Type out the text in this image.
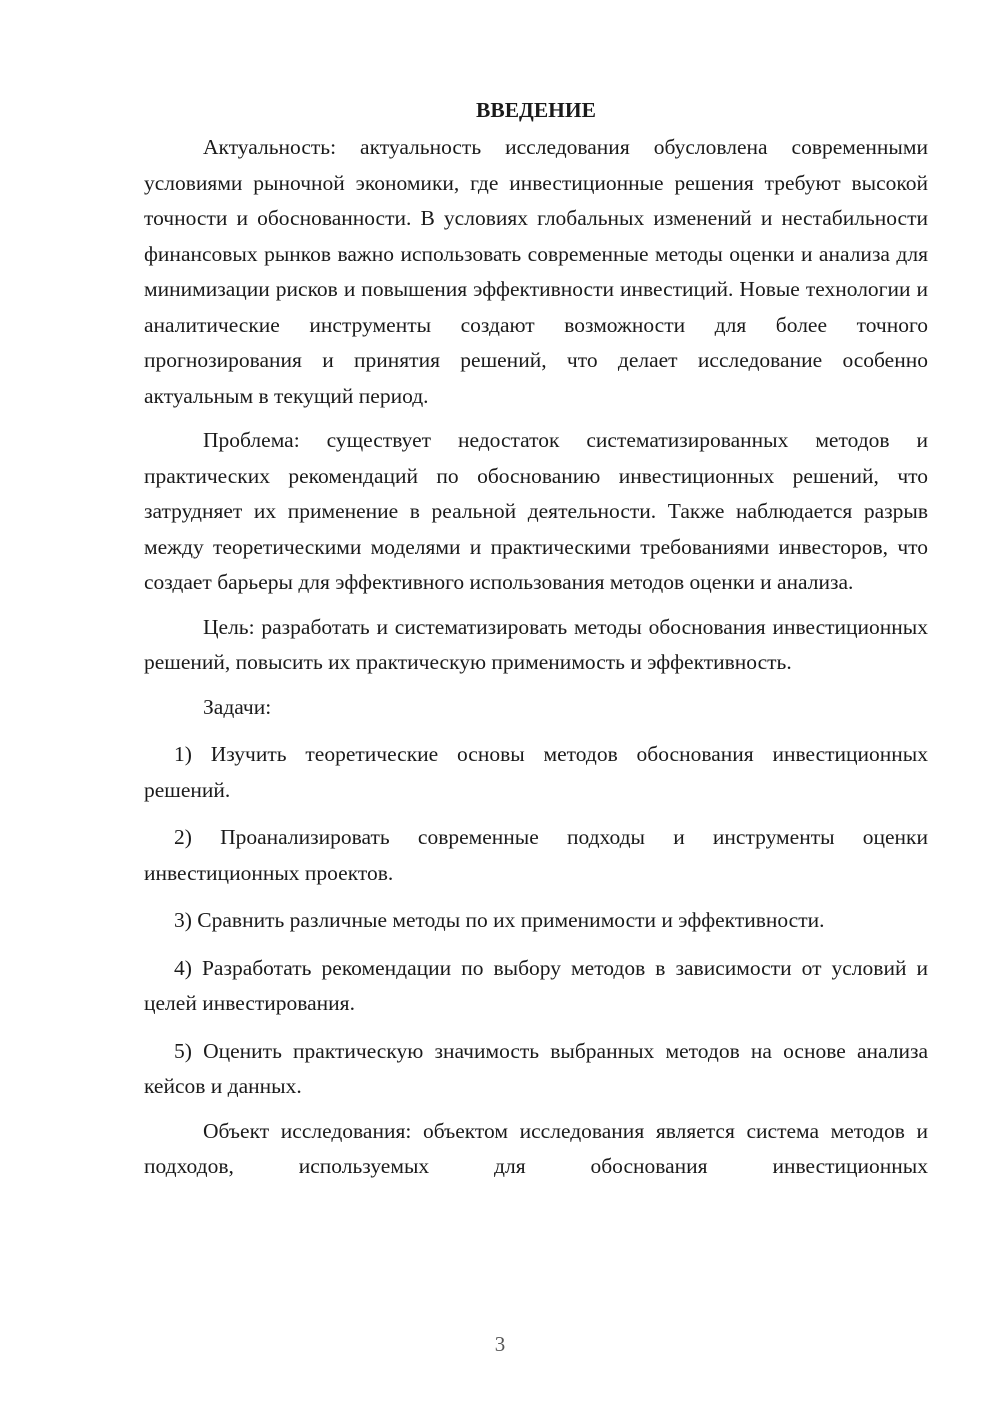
ВВЕДЕНИЕ

Актуальность: актуальность исследования обусловлена современными условиями рыночной экономики, где инвестиционные решения требуют высокой точности и обоснованности. В условиях глобальных изменений и нестабильности финансовых рынков важно использовать современные методы оценки и анализа для минимизации рисков и повышения эффективности инвестиций. Новые технологии и аналитические инструменты создают возможности для более точного прогнозирования и принятия решений, что делает исследование особенно актуальным в текущий период.

Проблема: существует недостаток систематизированных методов и практических рекомендаций по обоснованию инвестиционных решений, что затрудняет их применение в реальной деятельности. Также наблюдается разрыв между теоретическими моделями и практическими требованиями инвесторов, что создает барьеры для эффективного использования методов оценки и анализа.

Цель: разработать и систематизировать методы обоснования инвестиционных решений, повысить их практическую применимость и эффективность.

Задачи:

1) Изучить теоретические основы методов обоснования инвестиционных решений.

2) Проанализировать современные подходы и инструменты оценки инвестиционных проектов.

3) Сравнить различные методы по их применимости и эффективности.

4) Разработать рекомендации по выбору методов в зависимости от условий и целей инвестирования.

5) Оценить практическую значимость выбранных методов на основе анализа кейсов и данных.

Объект исследования: объектом исследования является система методов и подходов, используемых для обоснования инвестиционных

3
